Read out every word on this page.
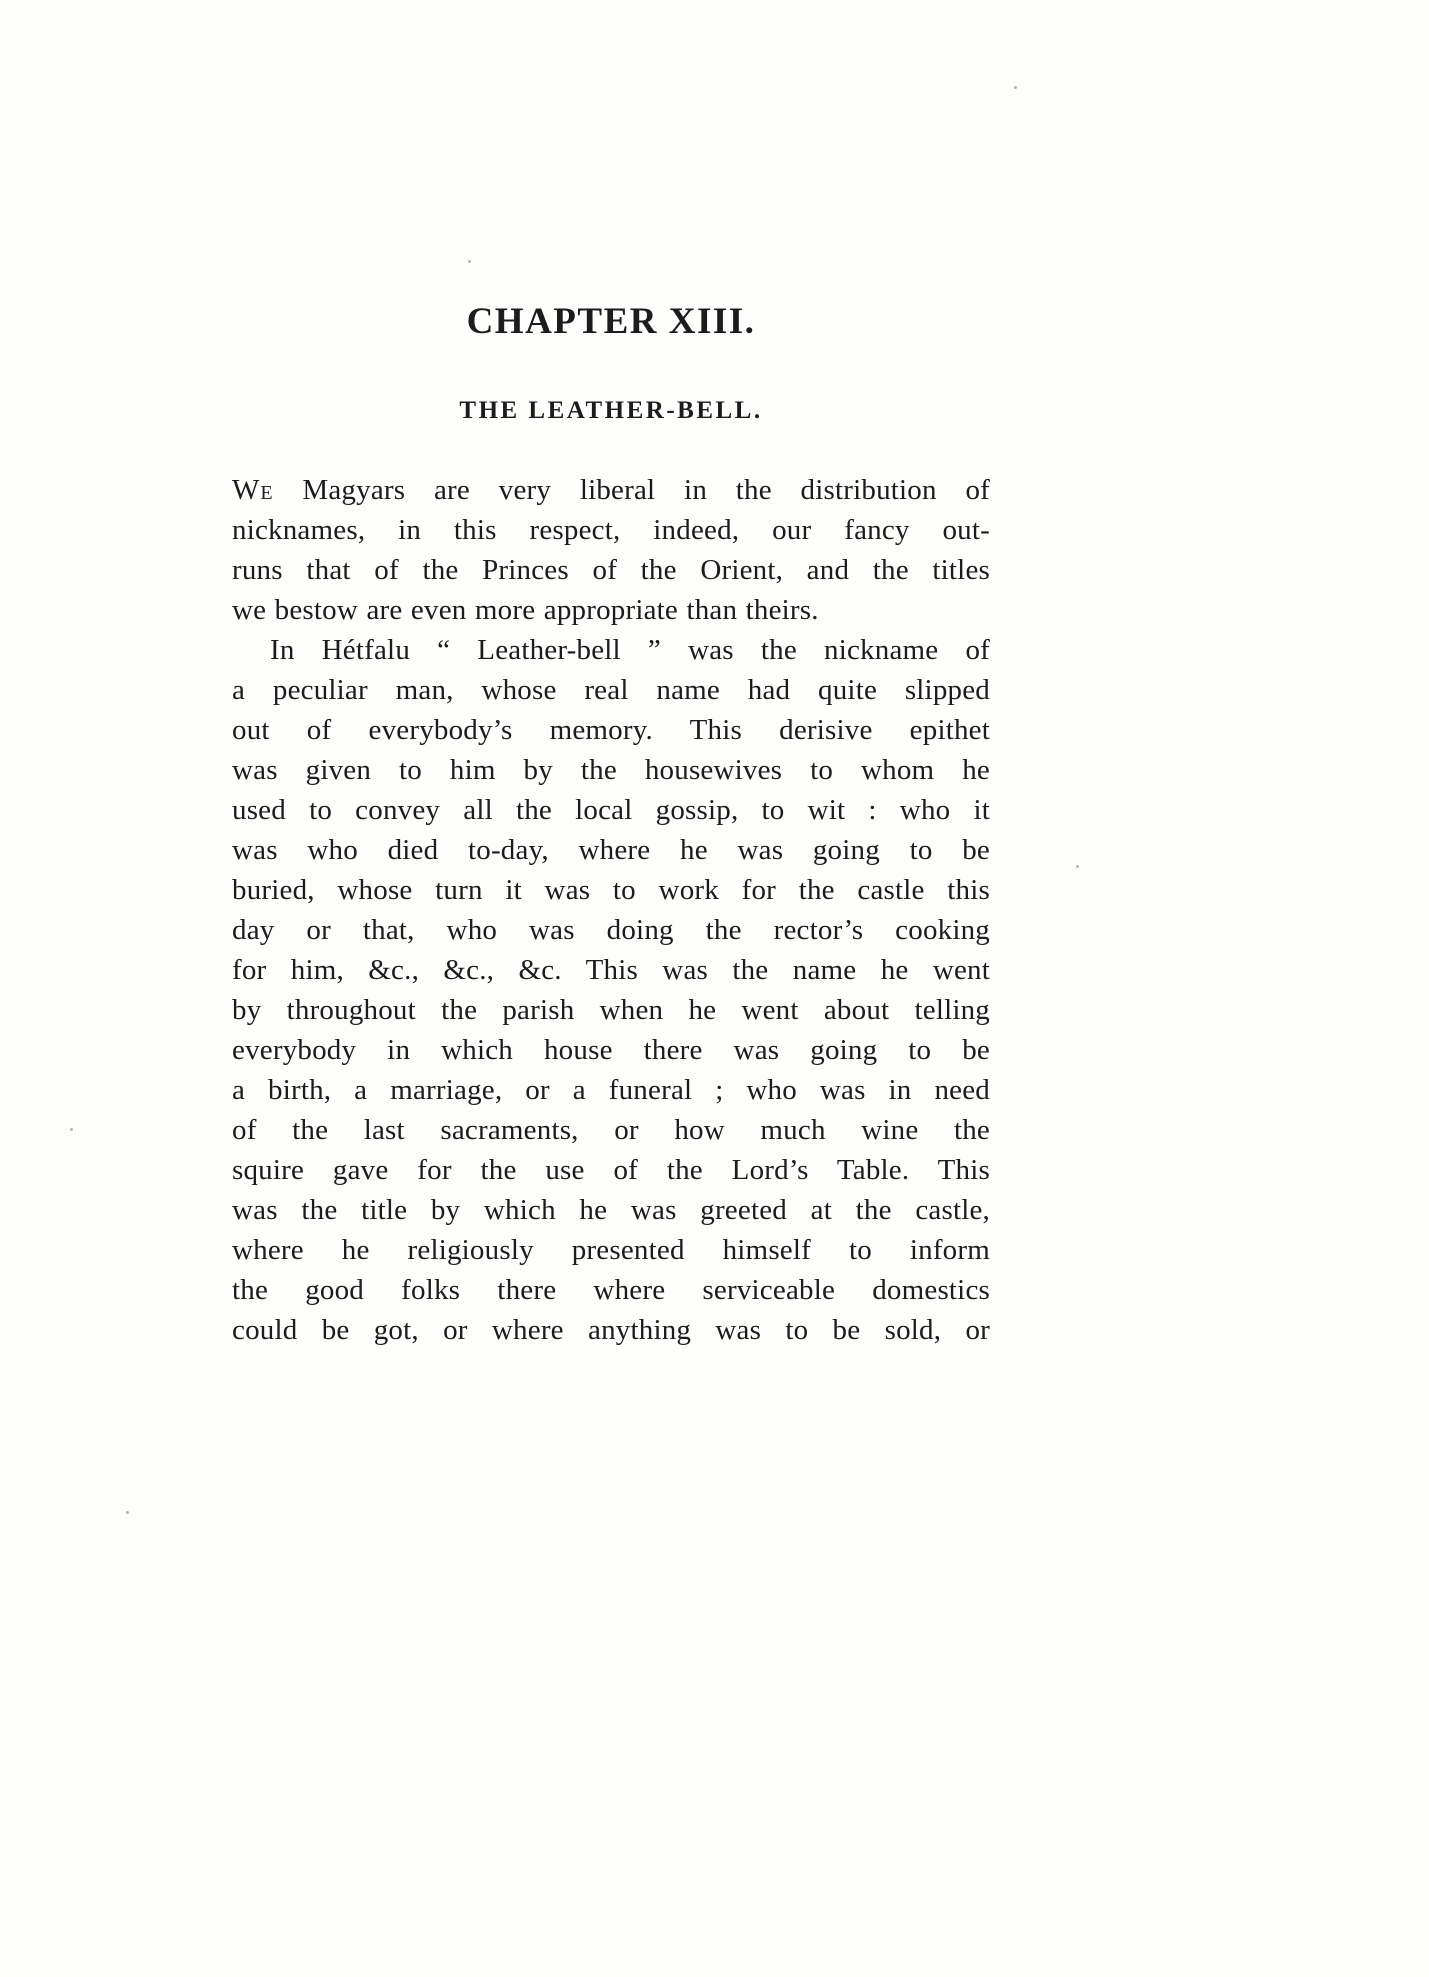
CHAPTER XIII.
THE LEATHER-BELL.
We Magyars are very liberal in the distribution of
nicknames, in this respect, indeed, our fancy out-
runs that of the Princes of the Orient, and the titles
we bestow are even more appropriate than theirs.
In Hétfalu “ Leather-bell ” was the nickname of
a peculiar man, whose real name had quite slipped
out of everybody’s memory. This derisive epithet
was given to him by the housewives to whom he
used to convey all the local gossip, to wit : who it
was who died to-day, where he was going to be
buried, whose turn it was to work for the castle this
day or that, who was doing the rector’s cooking
for him, &c., &c., &c. This was the name he went
by throughout the parish when he went about telling
everybody in which house there was going to be
a birth, a marriage, or a funeral ; who was in need
of the last sacraments, or how much wine the
squire gave for the use of the Lord’s Table. This
was the title by which he was greeted at the castle,
where he religiously presented himself to inform
the good folks there where serviceable domestics
could be got, or where anything was to be sold, or
